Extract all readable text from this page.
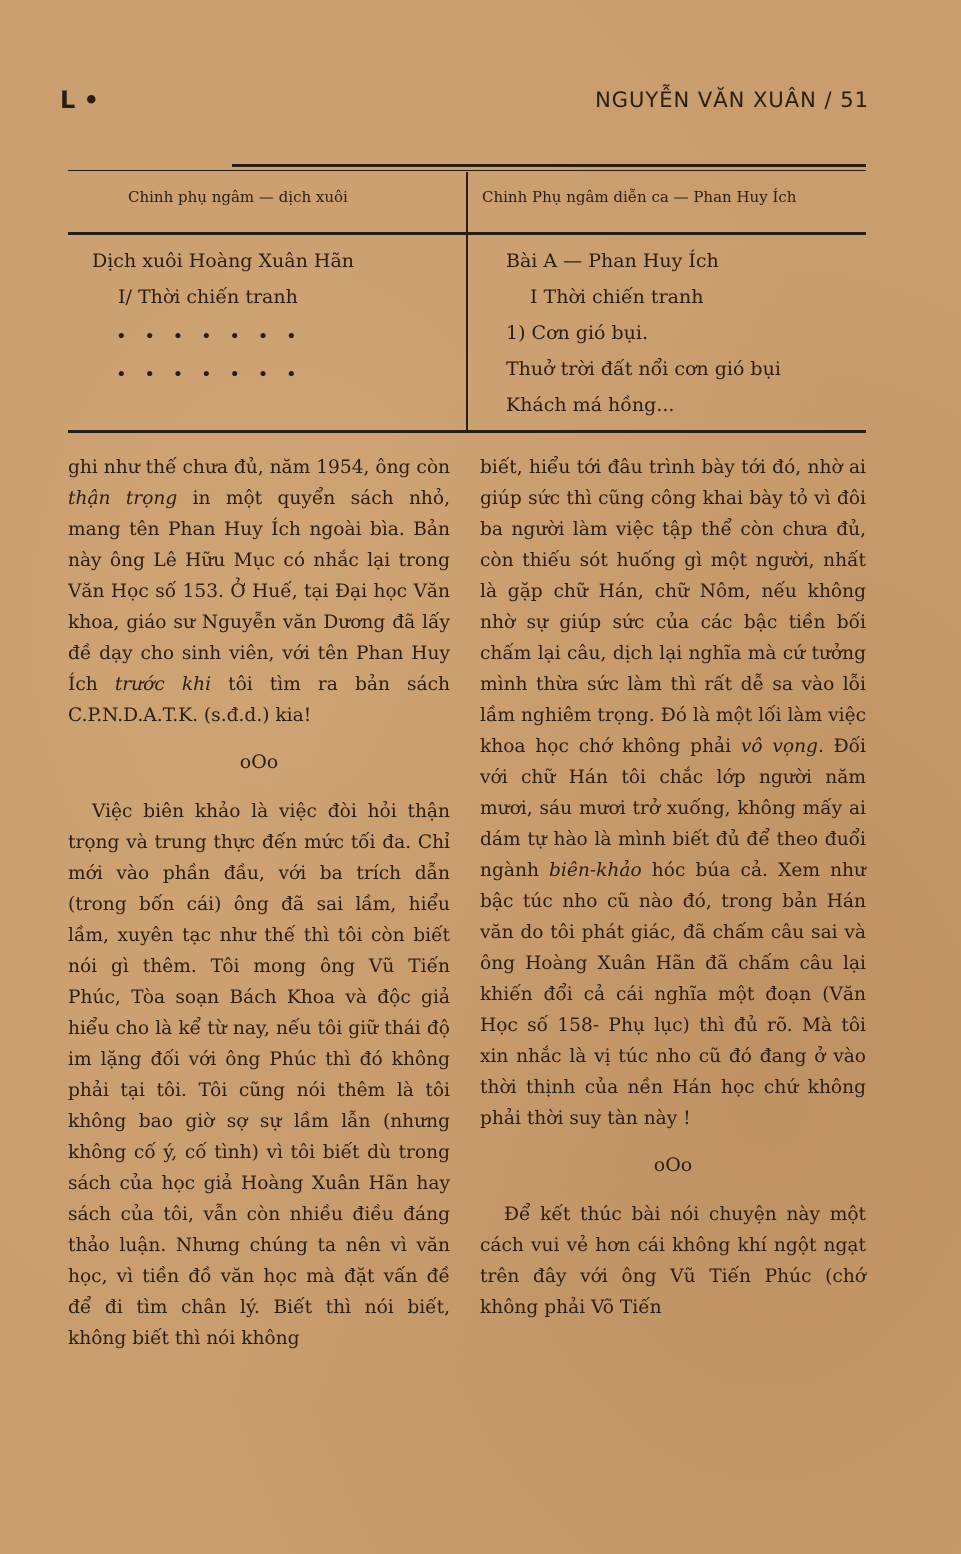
L •	NGUYỄN VĂN XUÂN / 51
Chinh phụ ngâm — dịch xuôi	Chinh Phụ ngâm diễn ca — Phan Huy Ích
Dịch xuôi Hoàng Xuân Hãn
I/ Thời chiến tranh
• • • • • • •
• • • • • • •
Bài A — Phan Huy Ích
I Thời chiến tranh
1) Cơn gió bụi.
Thuở trời đất nổi cơn gió bụi
Khách má hồng...

ghi như thế chưa đủ, năm 1954, ông còn thận trọng in một quyển sách nhỏ, mang tên Phan Huy Ích ngoài bìa. Bản này ông Lê Hữu Mục có nhắc lại trong Văn Học số 153. Ở Huế, tại Đại học Văn khoa, giáo sư Nguyễn văn Dương đã lấy đề dạy cho sinh viên, với tên Phan Huy Ích trước khi tôi tìm ra bản sách C.P.N.D.A.T.K. (s.đ.d.) kia!

oOo

Việc biên khảo là việc đòi hỏi thận trọng và trung thực đến mức tối đa. Chỉ mới vào phần đầu, với ba trích dẫn (trong bốn cái) ông đã sai lầm, hiểu lầm, xuyên tạc như thế thì tôi còn biết nói gì thêm. Tôi mong ông Vũ Tiến Phúc, Tòa soạn Bách Khoa và độc giả hiểu cho là kể từ nay, nếu tôi giữ thái độ im lặng đối với ông Phúc thì đó không phải tại tôi. Tôi cũng nói thêm là tôi không bao giờ sợ sự lầm lẫn (nhưng không cố ý, cố tình) vì tôi biết dù trong sách của học giả Hoàng Xuân Hãn hay sách của tôi, vẫn còn nhiều điều đáng thảo luận. Nhưng chúng ta nên vì văn học, vì tiền đồ văn học mà đặt vấn đề để đi tìm chân lý. Biết thì nói biết, không biết thì nói không

biết, hiểu tới đâu trình bày tới đó, nhờ ai giúp sức thì cũng công khai bày tỏ vì đôi ba người làm việc tập thể còn chưa đủ, còn thiếu sót huống gì một người, nhất là gặp chữ Hán, chữ Nôm, nếu không nhờ sự giúp sức của các bậc tiền bối chấm lại câu, dịch lại nghĩa mà cứ tưởng mình thừa sức làm thì rất dễ sa vào lỗi lầm nghiêm trọng. Đó là một lối làm việc khoa học chớ không phải vô vọng. Đối với chữ Hán tôi chắc lớp người năm mươi, sáu mươi trở xuống, không mấy ai dám tự hào là mình biết đủ để theo đuổi ngành biên-khảo hóc búa cả. Xem như bậc túc nho cũ nào đó, trong bản Hán văn do tôi phát giác, đã chấm câu sai và ông Hoàng Xuân Hãn đã chấm câu lại khiến đổi cả cái nghĩa một đoạn (Văn Học số 158- Phụ lục) thì đủ rõ. Mà tôi xin nhắc là vị túc nho cũ đó đang ở vào thời thịnh của nền Hán học chứ không phải thời suy tàn này !

oOo

Để kết thúc bài nói chuyện này một cách vui vẻ hơn cái không khí ngột ngạt trên đây với ông Vũ Tiến Phúc (chớ không phải Võ Tiến
